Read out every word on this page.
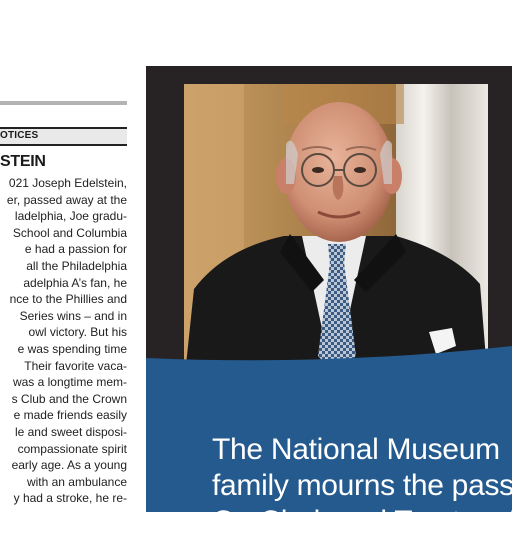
OTICES
STEIN
021 Joseph Edelstein,
er, passed away at the
ladelphia, Joe gradu-
School and Columbia
e had a passion for
all the Philadelphia
adelphia A’s fan, he
nce to the Phillies and
Series wins – and in
owl victory. But his
e was spending time
Their favorite vaca-
was a longtime mem-
s Club and the Crown
e made friends easily
le and sweet disposi-
compassionate spirit
early age. As a young
with an ambulance
y had a stroke, he re-
The National Museum
family mourns the pass
Co-Chair and Trustee, D
